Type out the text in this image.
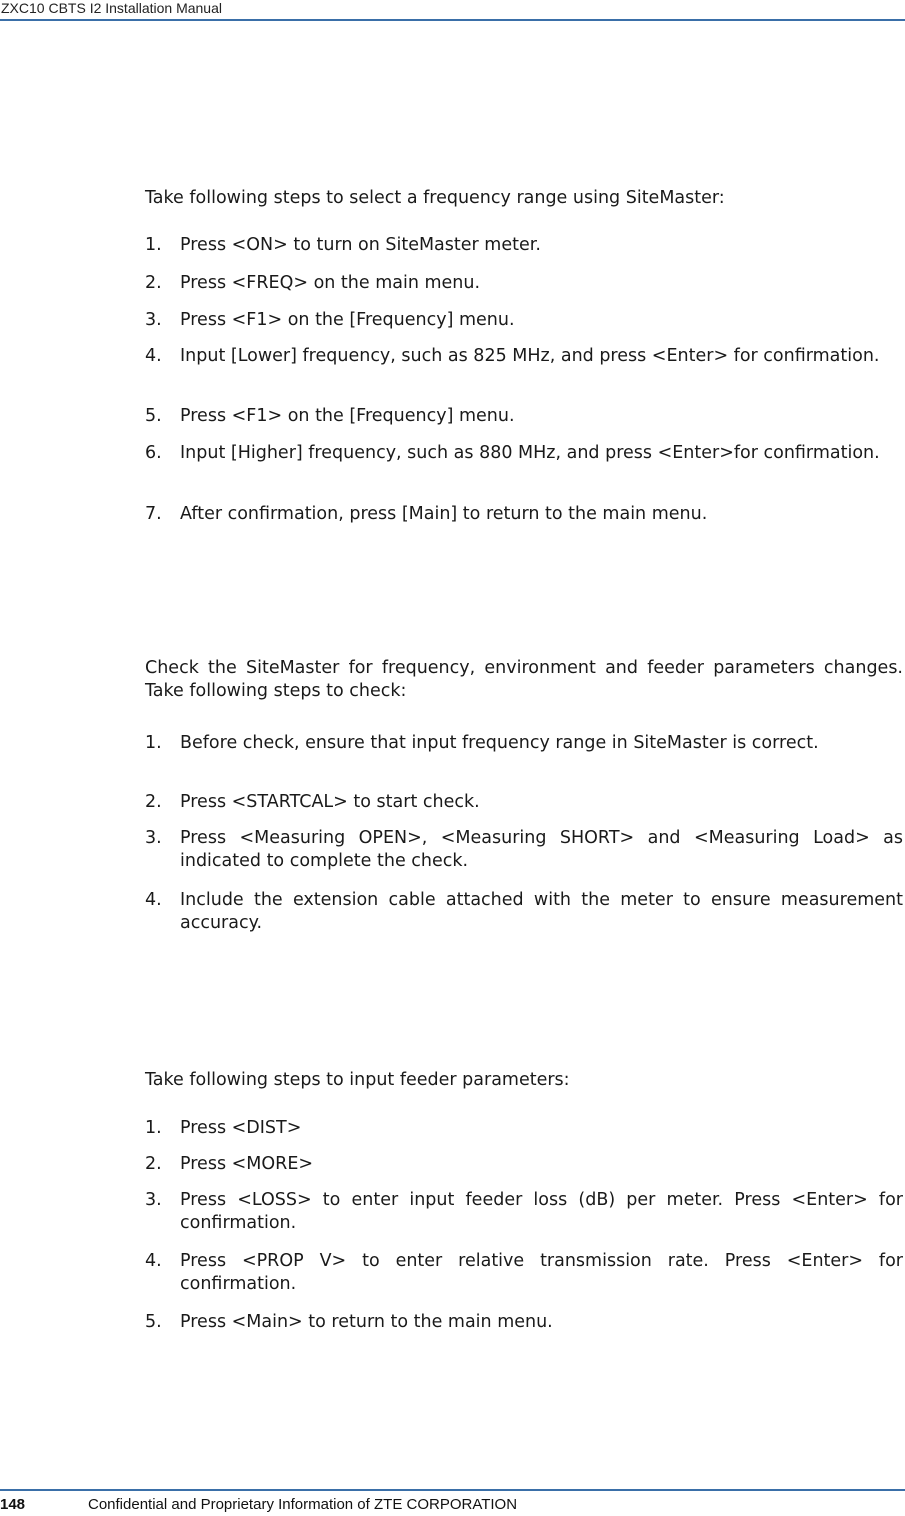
ZXC10 CBTS I2 Installation Manual
Take following steps to select a frequency range using SiteMaster:
1.	Press <ON> to turn on SiteMaster meter.
2.	Press <FREQ> on the main menu.
3.	Press <F1> on the [Frequency] menu.
4.	Input [Lower] frequency, such as 825 MHz, and press <Enter> for confirmation.
5.	Press <F1> on the [Frequency] menu.
6.	Input [Higher] frequency, such as 880 MHz, and press <Enter>for confirmation.
7.	After confirmation, press [Main] to return to the main menu.
Check the SiteMaster for frequency, environment and feeder parameters changes. Take following steps to check:
1.	Before check, ensure that input frequency range in SiteMaster is correct.
2.	Press <STARTCAL> to start check.
3.	Press <Measuring OPEN>, <Measuring SHORT> and <Measuring Load> as indicated to complete the check.
4.	Include the extension cable attached with the meter to ensure measurement accuracy.
Take following steps to input feeder parameters:
1.	Press <DIST>
2.	Press <MORE>
3.	Press <LOSS> to enter input feeder loss (dB) per meter. Press <Enter> for confirmation.
4.	Press <PROP V> to enter relative transmission rate. Press <Enter> for confirmation.
5.	Press <Main> to return to the main menu.
148	Confidential and Proprietary Information of ZTE CORPORATION
